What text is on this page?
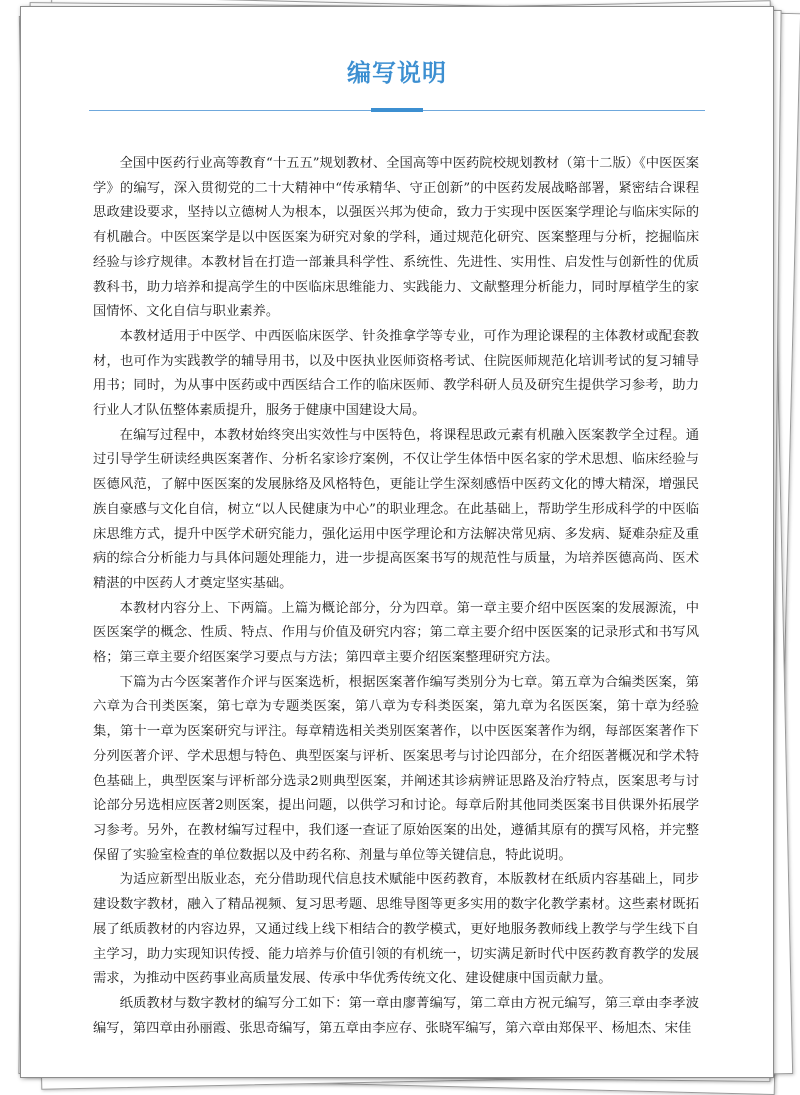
编写说明

全国中医药行业高等教育“十五五”规划教材、全国高等中医药院校规划教材（第十二版）《中医医案学》的编写，深入贯彻党的二十大精神中“传承精华、守正创新”的中医药发展战略部署，紧密结合课程思政建设要求，坚持以立德树人为根本，以强医兴邦为使命，致力于实现中医医案学理论与临床实际的有机融合。中医医案学是以中医医案为研究对象的学科，通过规范化研究、医案整理与分析，挖掘临床经验与诊疗规律。本教材旨在打造一部兼具科学性、系统性、先进性、实用性、启发性与创新性的优质教科书，助力培养和提高学生的中医临床思维能力、实践能力、文献整理分析能力，同时厚植学生的家国情怀、文化自信与职业素养。

本教材适用于中医学、中西医临床医学、针灸推拿学等专业，可作为理论课程的主体教材或配套教材，也可作为实践教学的辅导用书，以及中医执业医师资格考试、住院医师规范化培训考试的复习辅导用书；同时，为从事中医药或中西医结合工作的临床医师、教学科研人员及研究生提供学习参考，助力行业人才队伍整体素质提升，服务于健康中国建设大局。

在编写过程中，本教材始终突出实效性与中医特色，将课程思政元素有机融入医案教学全过程。通过引导学生研读经典医案著作、分析名家诊疗案例，不仅让学生体悟中医名家的学术思想、临床经验与医德风范，了解中医医案的发展脉络及风格特色，更能让学生深刻感悟中医药文化的博大精深，增强民族自豪感与文化自信，树立“以人民健康为中心”的职业理念。在此基础上，帮助学生形成科学的中医临床思维方式，提升中医学术研究能力，强化运用中医学理论和方法解决常见病、多发病、疑难杂症及重病的综合分析能力与具体问题处理能力，进一步提高医案书写的规范性与质量，为培养医德高尚、医术精湛的中医药人才奠定坚实基础。

本教材内容分上、下两篇。上篇为概论部分，分为四章。第一章主要介绍中医医案的发展源流，中医医案学的概念、性质、特点、作用与价值及研究内容；第二章主要介绍中医医案的记录形式和书写风格；第三章主要介绍医案学习要点与方法；第四章主要介绍医案整理研究方法。

下篇为古今医案著作介评与医案选析，根据医案著作编写类别分为七章。第五章为合编类医案，第六章为合刊类医案，第七章为专题类医案，第八章为专科类医案，第九章为名医医案，第十章为经验集，第十一章为医案研究与评注。每章精选相关类别医案著作，以中医医案著作为纲，每部医案著作下分列医著介评、学术思想与特色、典型医案与评析、医案思考与讨论四部分，在介绍医著概况和学术特色基础上，典型医案与评析部分选录2则典型医案，并阐述其诊病辨证思路及治疗特点，医案思考与讨论部分另选相应医著2则医案，提出问题，以供学习和讨论。每章后附其他同类医案书目供课外拓展学习参考。另外，在教材编写过程中，我们逐一查证了原始医案的出处，遵循其原有的撰写风格，并完整保留了实验室检查的单位数据以及中药名称、剂量与单位等关键信息，特此说明。

为适应新型出版业态，充分借助现代信息技术赋能中医药教育，本版教材在纸质内容基础上，同步建设数字教材，融入了精品视频、复习思考题、思维导图等更多实用的数字化教学素材。这些素材既拓展了纸质教材的内容边界，又通过线上线下相结合的教学模式，更好地服务教师线上教学与学生线下自主学习，助力实现知识传授、能力培养与价值引领的有机统一，切实满足新时代中医药教育教学的发展需求，为推动中医药事业高质量发展、传承中华优秀传统文化、建设健康中国贡献力量。

纸质教材与数字教材的编写分工如下：第一章由廖菁编写，第二章由方祝元编写，第三章由李孝波编写，第四章由孙丽霞、张思奇编写，第五章由李应存、张晓军编写，第六章由郑保平、杨旭杰、宋佳
